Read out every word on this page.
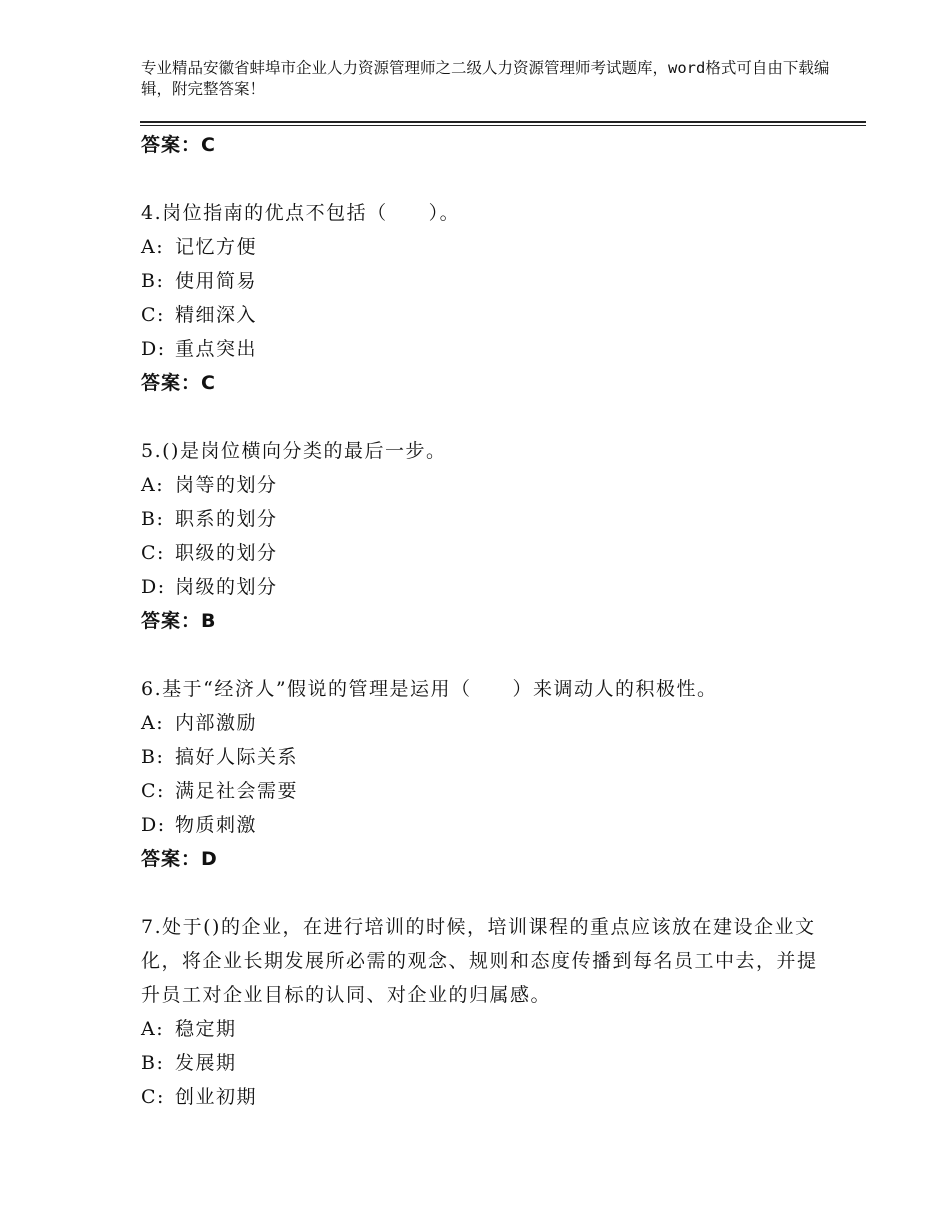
专业精品安徽省蚌埠市企业人力资源管理师之二级人力资源管理师考试题库，word格式可自由下载编辑，附完整答案！
答案：C
4.岗位指南的优点不包括（　　）。
A: 记忆方便
B: 使用简易
C: 精细深入
D: 重点突出
答案：C
5.()是岗位横向分类的最后一步。
A: 岗等的划分
B: 职系的划分
C: 职级的划分
D: 岗级的划分
答案：B
6.基于“经济人”假说的管理是运用（　　）来调动人的积极性。
A: 内部激励
B: 搞好人际关系
C: 满足社会需要
D: 物质刺激
答案：D
7.处于()的企业，在进行培训的时候，培训课程的重点应该放在建设企业文化，将企业长期发展所必需的观念、规则和态度传播到每名员工中去，并提升员工对企业目标的认同、对企业的归属感。
A: 稳定期
B: 发展期
C: 创业初期
